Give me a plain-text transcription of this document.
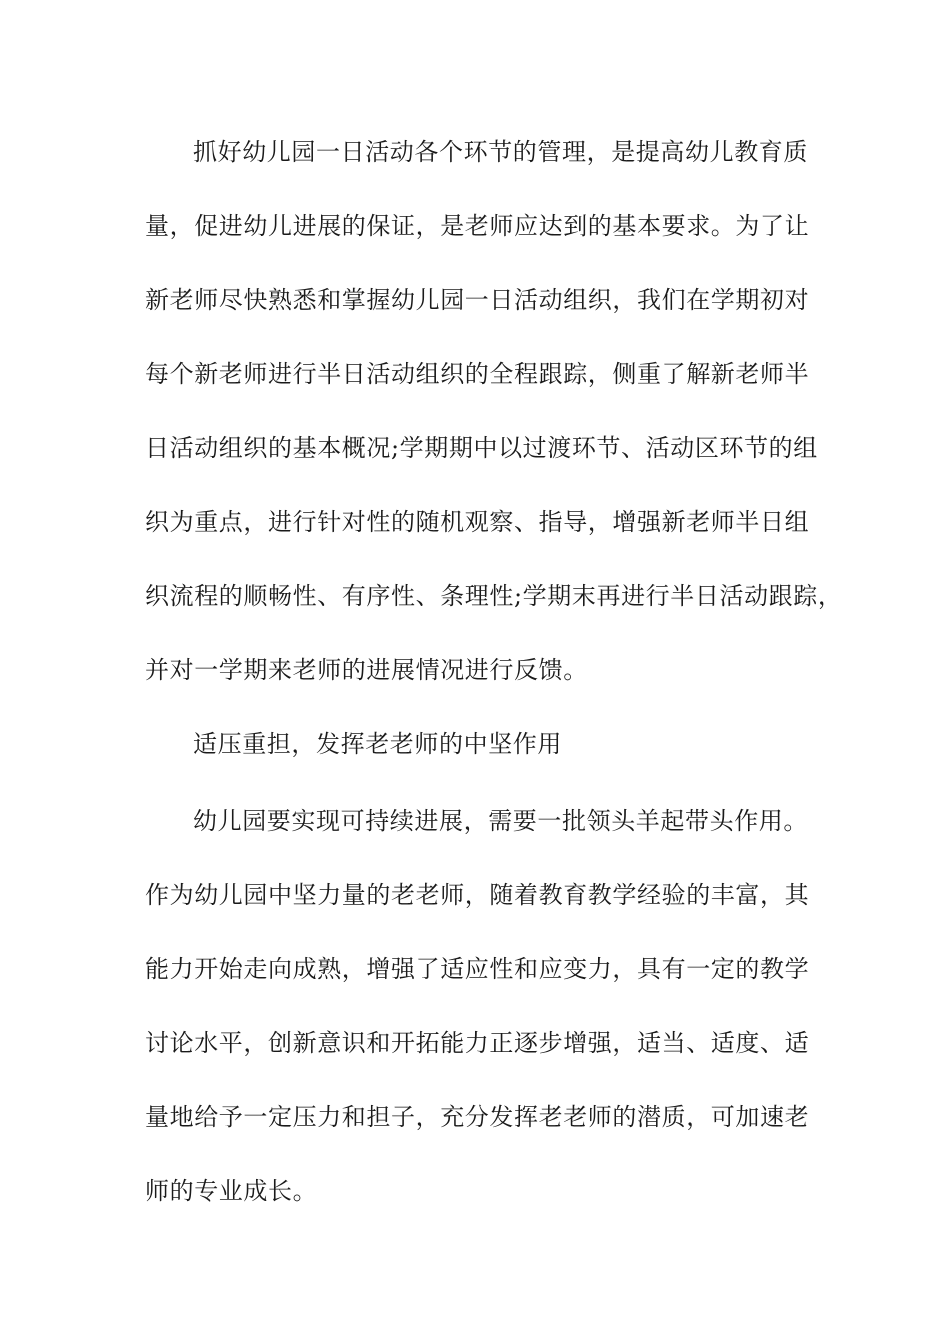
抓好幼儿园一日活动各个环节的管理，是提高幼儿教育质
量，促进幼儿进展的保证，是老师应达到的基本要求。为了让
新老师尽快熟悉和掌握幼儿园一日活动组织，我们在学期初对
每个新老师进行半日活动组织的全程跟踪，侧重了解新老师半
日活动组织的基本概况;学期期中以过渡环节、活动区环节的组
织为重点，进行针对性的随机观察、指导，增强新老师半日组
织流程的顺畅性、有序性、条理性;学期末再进行半日活动跟踪，
并对一学期来老师的进展情况进行反馈。
适压重担，发挥老老师的中坚作用
幼儿园要实现可持续进展，需要一批领头羊起带头作用。
作为幼儿园中坚力量的老老师，随着教育教学经验的丰富，其
能力开始走向成熟，增强了适应性和应变力，具有一定的教学
讨论水平，创新意识和开拓能力正逐步增强，适当、适度、适
量地给予一定压力和担子，充分发挥老老师的潜质，可加速老
师的专业成长。
